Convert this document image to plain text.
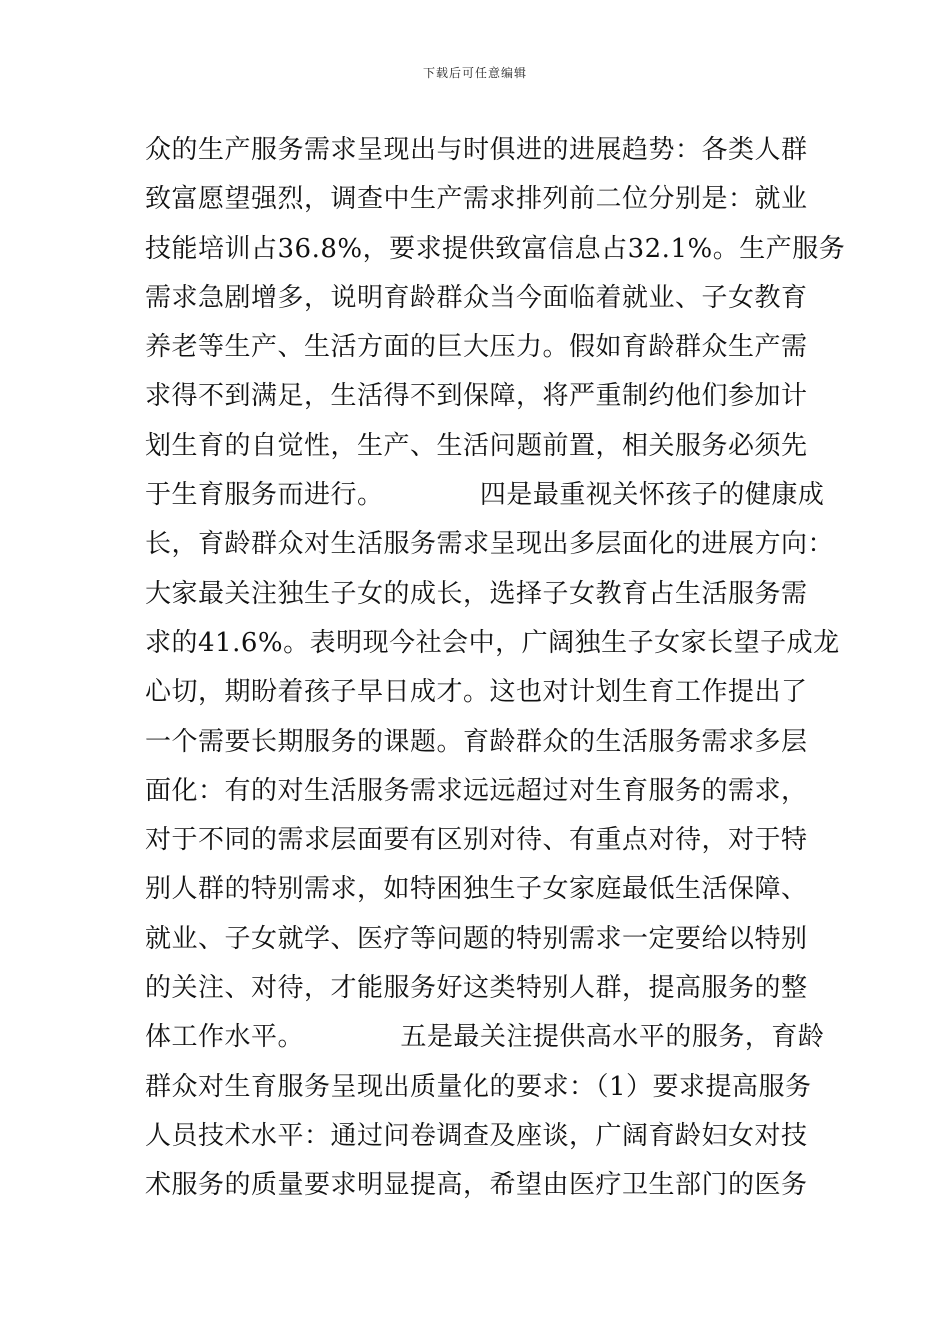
下载后可任意编辑
众的生产服务需求呈现出与时俱进的进展趋势：各类人群
致富愿望强烈，调查中生产需求排列前二位分别是：就业
技能培训占36.8%，要求提供致富信息占32.1%。生产服务
需求急剧增多，说明育龄群众当今面临着就业、子女教育
养老等生产、生活方面的巨大压力。假如育龄群众生产需
求得不到满足，生活得不到保障，将严重制约他们参加计
划生育的自觉性，生产、生活问题前置，相关服务必须先
于生育服务而进行。           四是最重视关怀孩子的健康成
长，育龄群众对生活服务需求呈现出多层面化的进展方向：
大家最关注独生子女的成长，选择子女教育占生活服务需
求的41.6%。表明现今社会中，广阔独生子女家长望子成龙
心切，期盼着孩子早日成才。这也对计划生育工作提出了
一个需要长期服务的课题。育龄群众的生活服务需求多层
面化：有的对生活服务需求远远超过对生育服务的需求，
对于不同的需求层面要有区别对待、有重点对待，对于特
别人群的特别需求，如特困独生子女家庭最低生活保障、
就业、子女就学、医疗等问题的特别需求一定要给以特别
的关注、对待，才能服务好这类特别人群，提高服务的整
体工作水平。           五是最关注提供高水平的服务，育龄
群众对生育服务呈现出质量化的要求：（1）要求提高服务
人员技术水平：通过问卷调查及座谈，广阔育龄妇女对技
术服务的质量要求明显提高，希望由医疗卫生部门的医务
